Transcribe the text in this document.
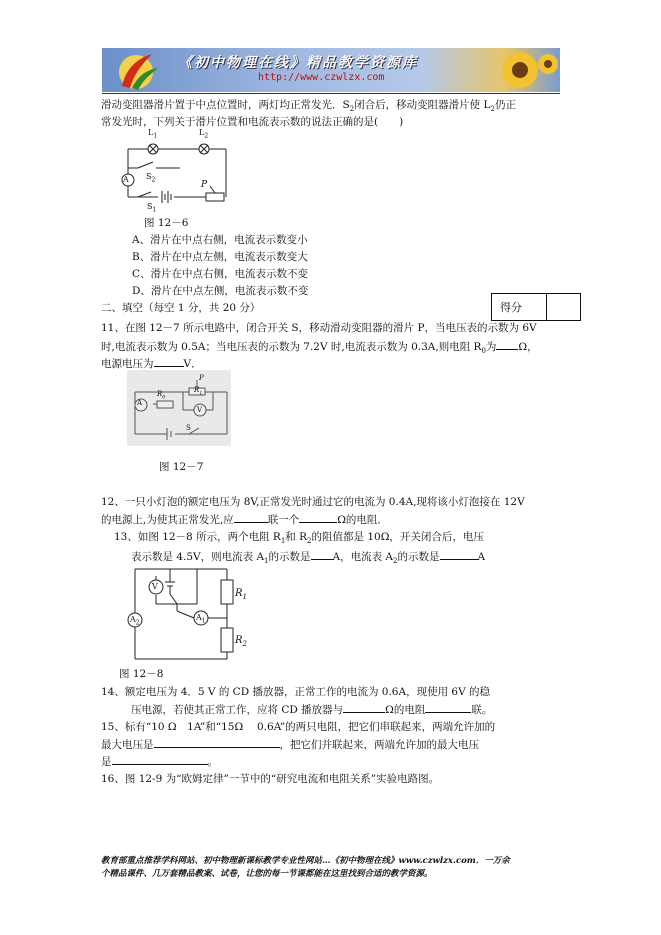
《初中物理在线》精品教学资源库
http://www.czwlzx.com
滑动变阻器滑片置于中点位置时，两灯均正常发光．$S_2$闭合后，移动变阻器滑片使 $L_2$仍正
常发光时，下列关于滑片位置和电流表示数的说法正确的是(　　)
$L_1$	$L_2$
A $S_2$
$S_1$
P
图 12－6
A、滑片在中点右侧，电流表示数变小
B、滑片在中点左侧，电流表示数变大
C、滑片在中点右侧，电流表示数不变
D、滑片在中点左侧，电流表示数不变
二、填空（每空 1 分，共 20 分）	得分
11、在图 12－7 所示电路中，闭合开关 S，移动滑动变阻器的滑片 P，当电压表的示数为 6V
时,电流表示数为 0.5A；当电压表的示数为 7.2V 时,电流表示数为 0.3A,则电阻 $R_0$为 Ω，
电源电压为	V．
A
$R_0$
$R_1$
P
V
S
图 12－7
12、一只小灯泡的额定电压为 8V,正常发光时通过它的电流为 0.4A,现将该小灯泡接在 12V
的电源上,为使其正常发光,应	联一个	Ω的电阻．
13、如图 12－8 所示，两个电阻 $R_1$和 $R_2$的阻值都是 10Ω，开关闭合后，电压
表示数是 4.5V，则电流表 $A_1$的示数是 A，电流表 $A_2$的示数是	A
V
$A_2$
$A_1$
$R_1$
$R_2$
图 12－8
14、额定电压为 4．5 V 的 CD 播放器，正常工作的电流为 0.6A，现使用 6V 的稳
压电源，若使其正常工作，应将 CD 播放器与	Ω的电阻	联。
15、标有“10 Ω　1A”和“15Ω　 0.6A”的两只电阻，把它们串联起来，两端允许加的
最大电压是	，把它们并联起来，两端允许加的最大电压
是	。
16、图 12-9 为“欧姆定律”一节中的“研究电流和电阻关系”实验电路图。
教育部重点推荐学科网站、初中物理新课标教学专业性网站…《初中物理在线》www.czwlzx.com．一万余
个精品课件、几万套精品教案、试卷，让您的每一节课都能在这里找到合适的教学资源。
